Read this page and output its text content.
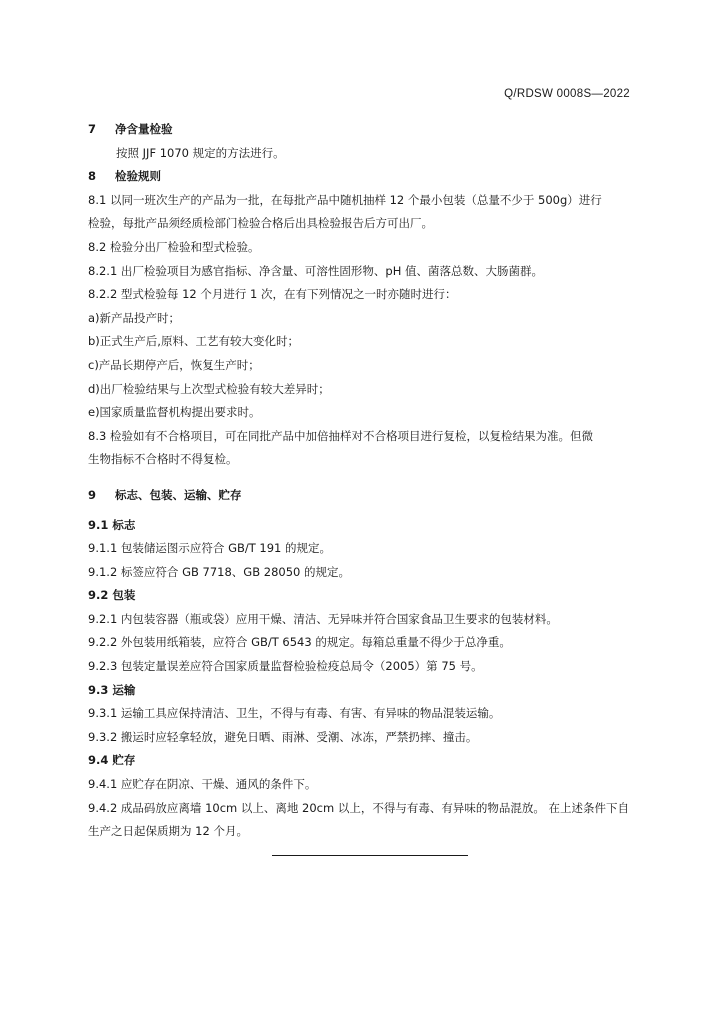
Q/RDSW 0008S—2022
7 净含量检验
按照 JJF 1070 规定的方法进行。
8 检验规则
8.1 以同一班次生产的产品为一批，在每批产品中随机抽样 12 个最小包装（总量不少于 500g）进行
检验，每批产品须经质检部门检验合格后出具检验报告后方可出厂。
8.2 检验分出厂检验和型式检验。
8.2.1 出厂检验项目为感官指标、净含量、可溶性固形物、pH 值、菌落总数、大肠菌群。
8.2.2 型式检验每 12 个月进行 1 次，在有下列情况之一时亦随时进行：
a)新产品投产时；
b)正式生产后,原料、工艺有较大变化时；
c)产品长期停产后，恢复生产时；
d)出厂检验结果与上次型式检验有较大差异时；
e)国家质量监督机构提出要求时。
8.3 检验如有不合格项目，可在同批产品中加倍抽样对不合格项目进行复检，以复检结果为准。但微
生物指标不合格时不得复检。
9 标志、包装、运输、贮存
9.1 标志
9.1.1 包装储运图示应符合 GB/T 191 的规定。
9.1.2 标签应符合 GB 7718、GB 28050 的规定。
9.2 包装
9.2.1 内包装容器（瓶或袋）应用干燥、清洁、无异味并符合国家食品卫生要求的包装材料。
9.2.2 外包装用纸箱装，应符合 GB/T 6543 的规定。每箱总重量不得少于总净重。
9.2.3 包装定量误差应符合国家质量监督检验检疫总局令（2005）第 75 号。
9.3 运输
9.3.1 运输工具应保持清洁、卫生，不得与有毒、有害、有异味的物品混装运输。
9.3.2 搬运时应轻拿轻放，避免日晒、雨淋、受潮、冰冻，严禁扔摔、撞击。
9.4 贮存
9.4.1 应贮存在阴凉、干燥、通风的条件下。
9.4.2 成品码放应离墙 10cm 以上、离地 20cm 以上，不得与有毒、有异味的物品混放。 在上述条件下自
生产之日起保质期为 12 个月。
